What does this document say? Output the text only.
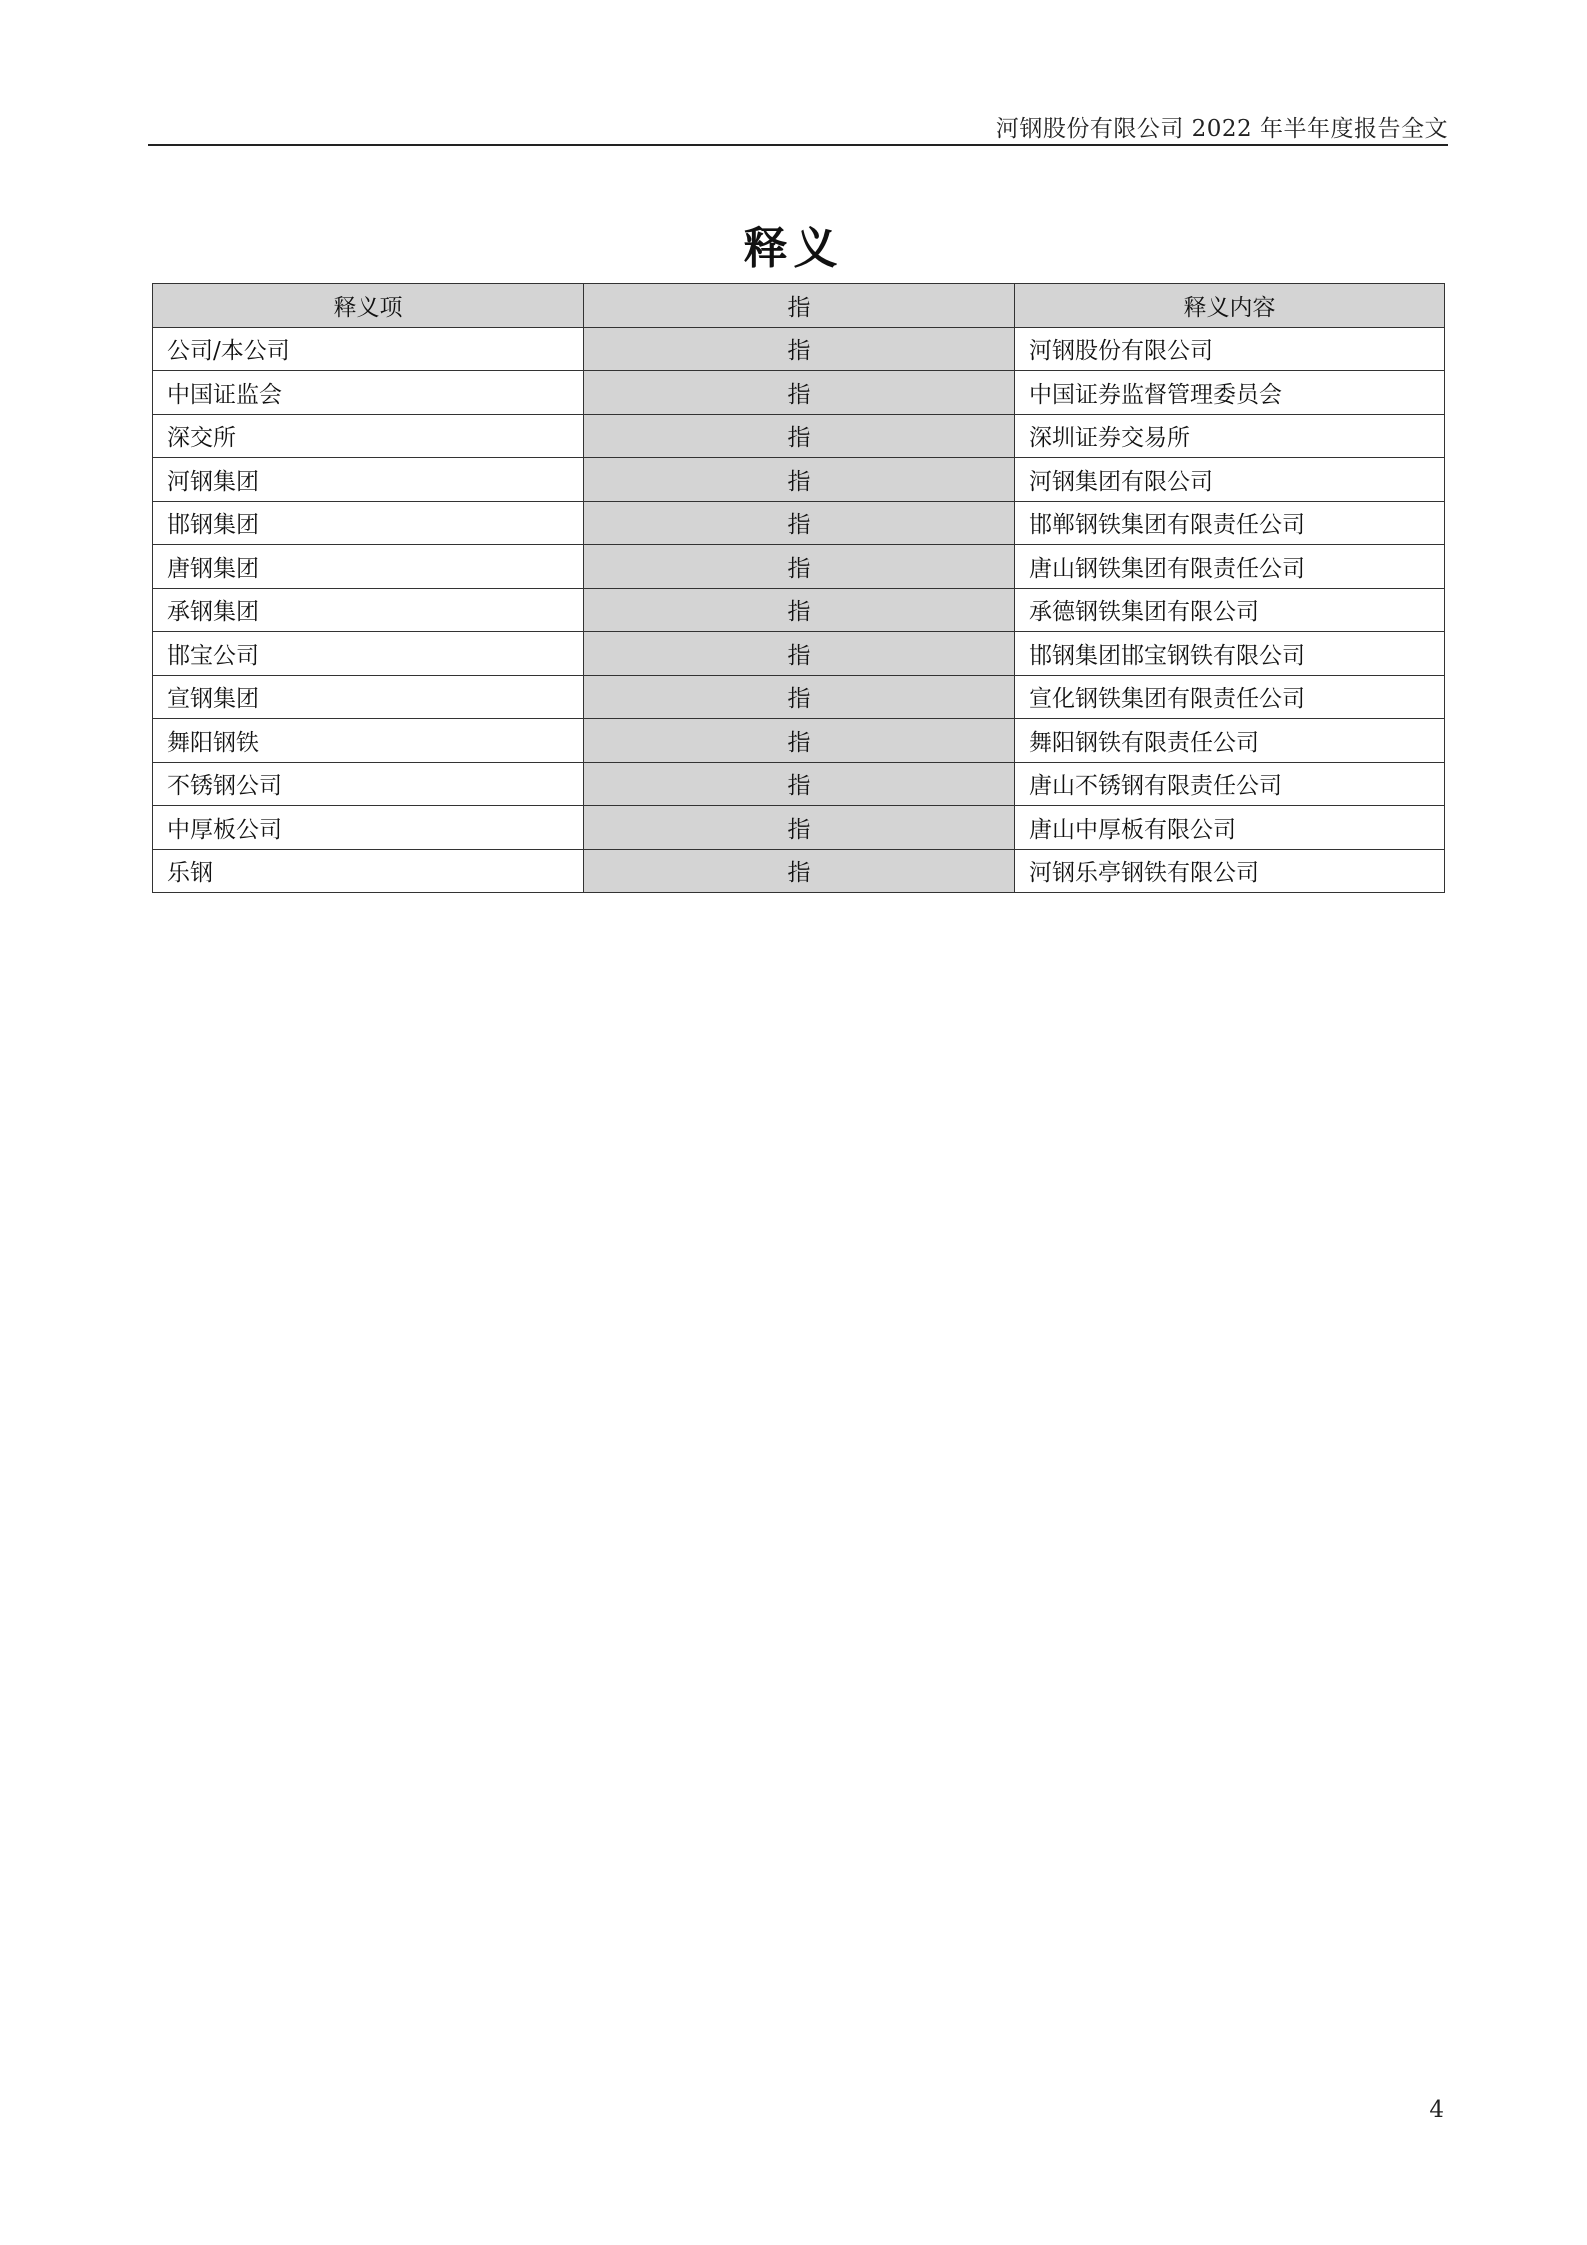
河钢股份有限公司 2022 年半年度报告全文
释义
释义项	指	释义内容
公司/本公司	指	河钢股份有限公司
中国证监会	指	中国证券监督管理委员会
深交所	指	深圳证券交易所
河钢集团	指	河钢集团有限公司
邯钢集团	指	邯郸钢铁集团有限责任公司
唐钢集团	指	唐山钢铁集团有限责任公司
承钢集团	指	承德钢铁集团有限公司
邯宝公司	指	邯钢集团邯宝钢铁有限公司
宣钢集团	指	宣化钢铁集团有限责任公司
舞阳钢铁	指	舞阳钢铁有限责任公司
不锈钢公司	指	唐山不锈钢有限责任公司
中厚板公司	指	唐山中厚板有限公司
乐钢	指	河钢乐亭钢铁有限公司
4
